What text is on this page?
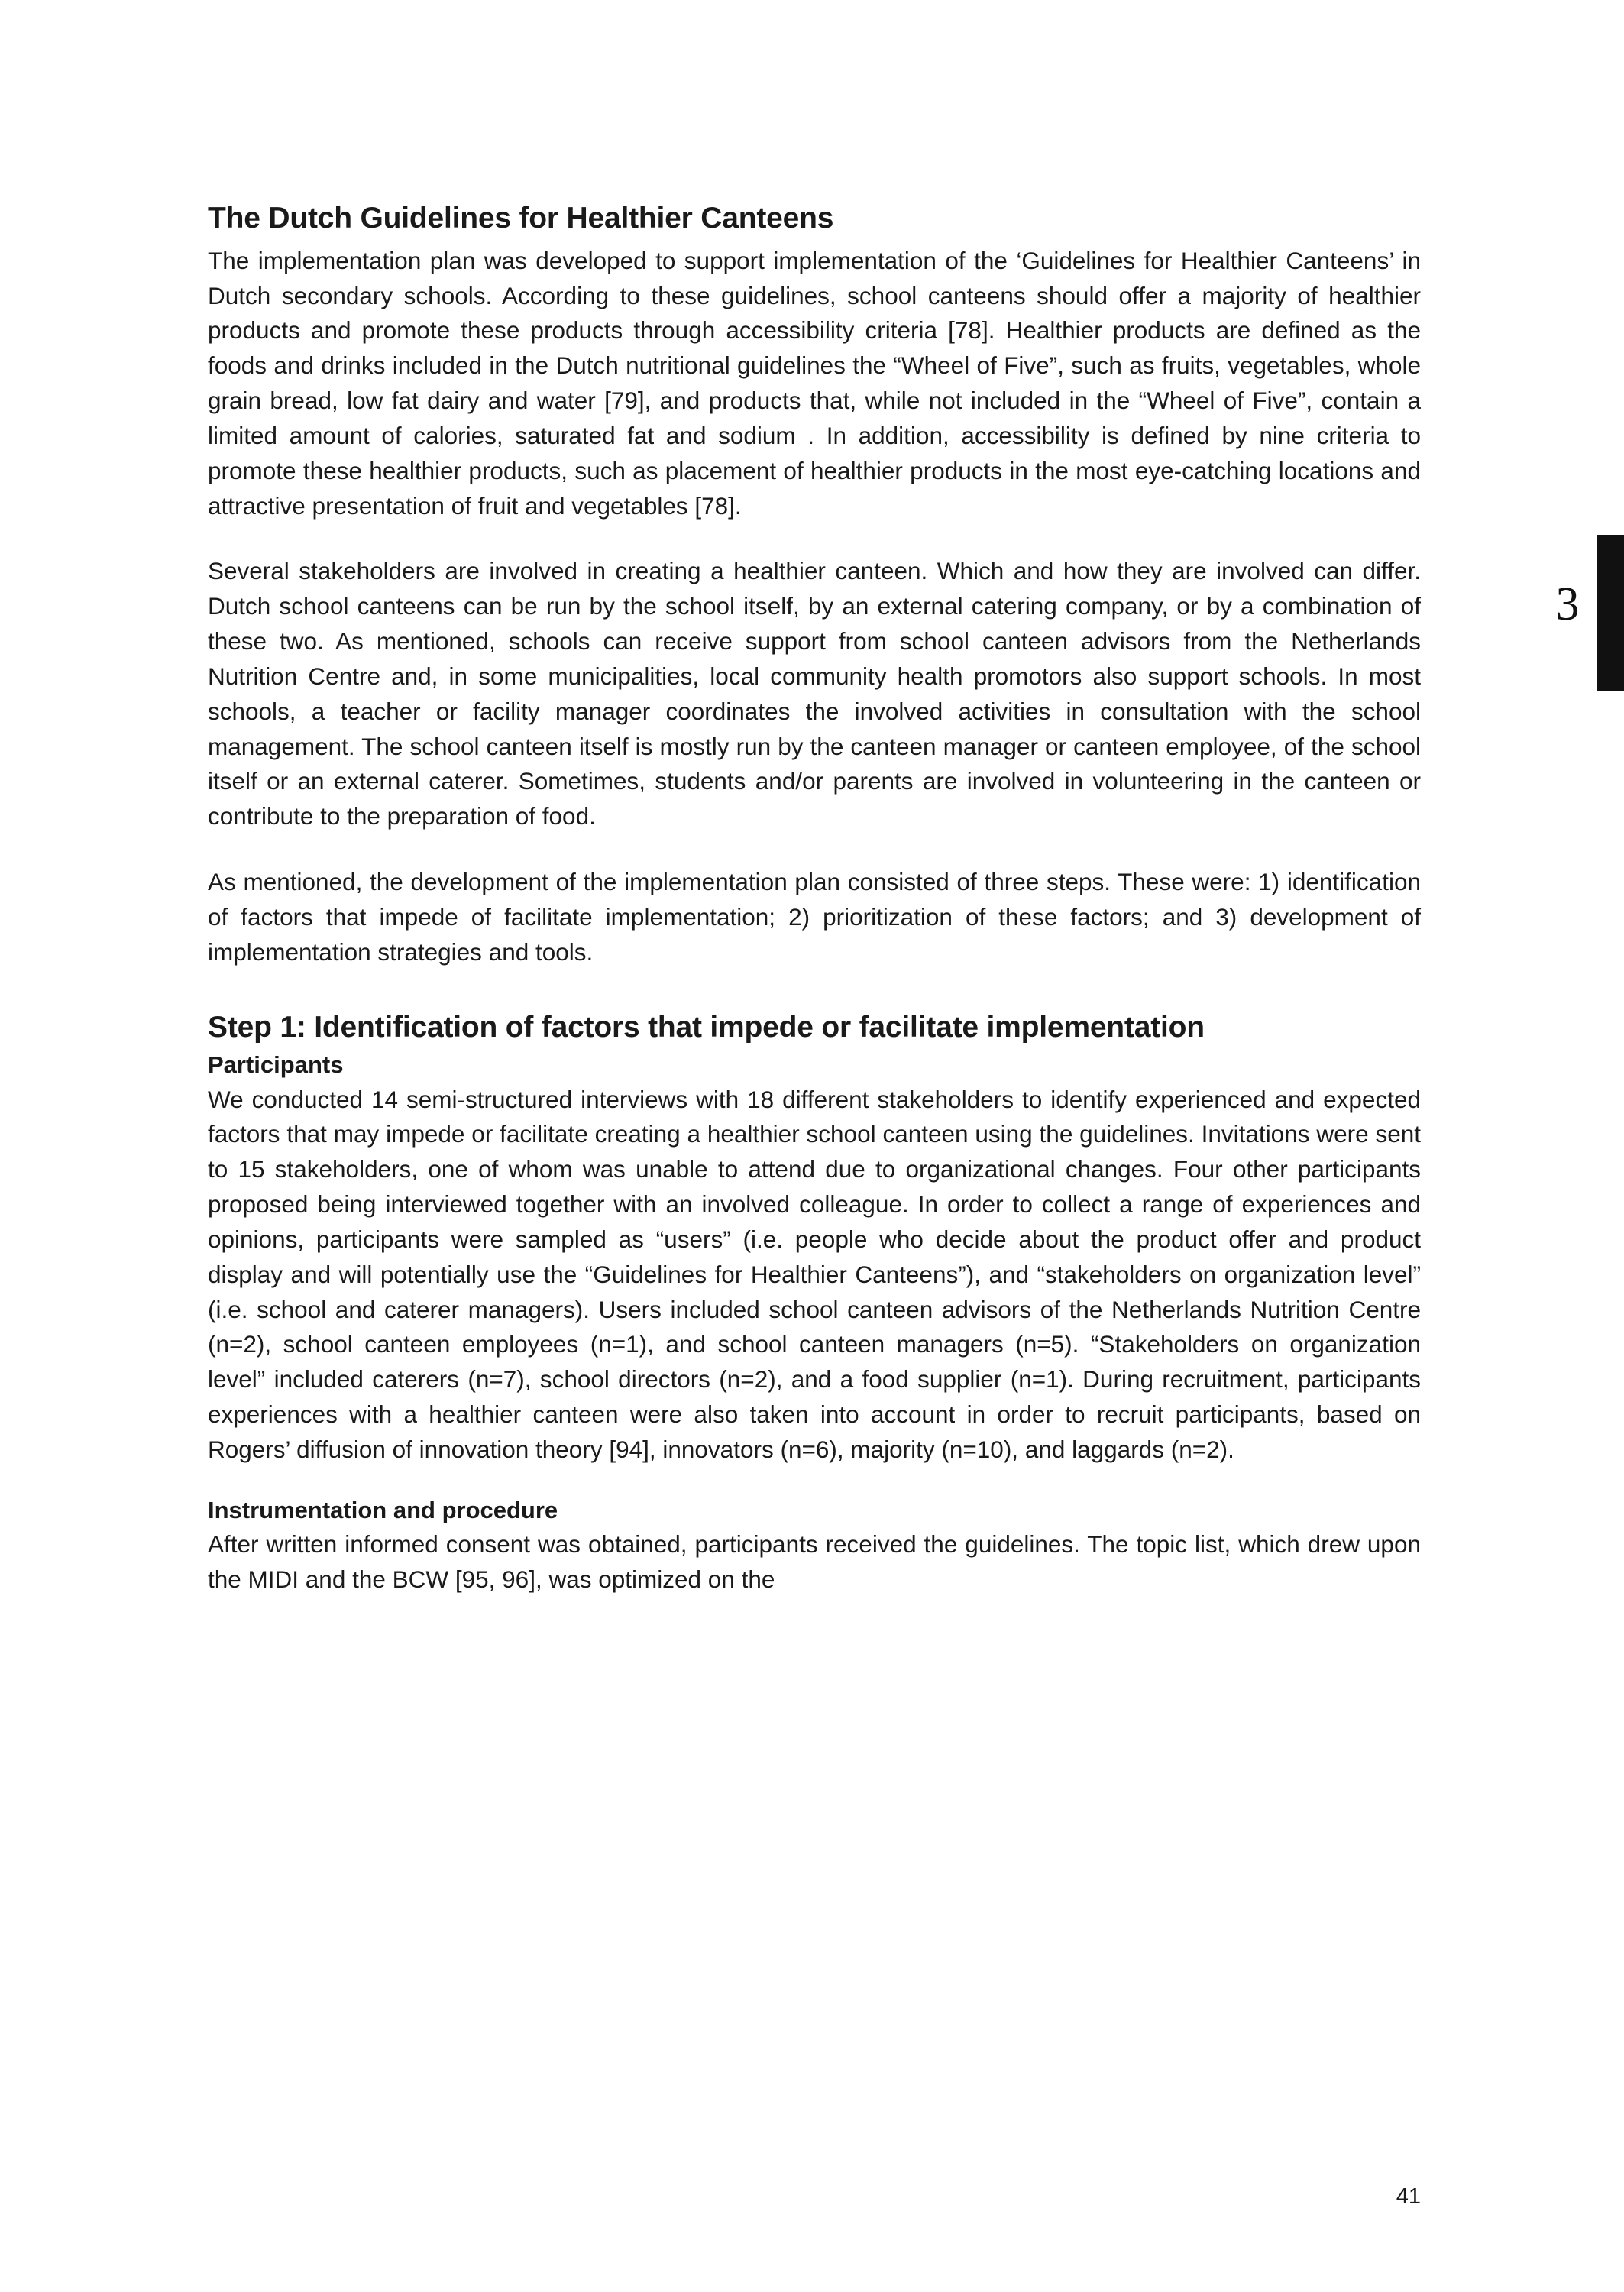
The Dutch Guidelines for Healthier Canteens

The implementation plan was developed to support implementation of the ‘Guidelines for Healthier Canteens’ in Dutch secondary schools. According to these guidelines, school canteens should offer a majority of healthier products and promote these products through accessibility criteria [78]. Healthier products are defined as the foods and drinks included in the Dutch nutritional guidelines the “Wheel of Five”, such as fruits, vegetables, whole grain bread, low fat dairy and water [79], and products that, while not included in the “Wheel of Five”, contain a limited amount of calories, saturated fat and sodium . In addition, accessibility is defined by nine criteria to promote these healthier products, such as placement of healthier products in the most eye-catching locations and attractive presentation of fruit and vegetables [78].

Several stakeholders are involved in creating a healthier canteen. Which and how they are involved can differ. Dutch school canteens can be run by the school itself, by an external catering company, or by a combination of these two. As mentioned, schools can receive support from school canteen advisors from the Netherlands Nutrition Centre and, in some municipalities, local community health promotors also support schools. In most schools, a teacher or facility manager coordinates the involved activities in consultation with the school management. The school canteen itself is mostly run by the canteen manager or canteen employee, of the school itself or an external caterer. Sometimes, students and/or parents are involved in volunteering in the canteen or contribute to the preparation of food.

As mentioned, the development of the implementation plan consisted of three steps. These were: 1) identification of factors that impede of facilitate implementation; 2) prioritization of these factors; and 3) development of implementation strategies and tools.

Step 1: Identification of factors that impede or facilitate implementation
Participants

We conducted 14 semi-structured interviews with 18 different stakeholders to identify experienced and expected factors that may impede or facilitate creating a healthier school canteen using the guidelines. Invitations were sent to 15 stakeholders, one of whom was unable to attend due to organizational changes. Four other participants proposed being interviewed together with an involved colleague. In order to collect a range of experiences and opinions, participants were sampled as “users” (i.e. people who decide about the product offer and product display and will potentially use the “Guidelines for Healthier Canteens”), and “stakeholders on organization level” (i.e. school and caterer managers). Users included school canteen advisors of the Netherlands Nutrition Centre (n=2), school canteen employees (n=1), and school canteen managers (n=5). “Stakeholders on organization level” included caterers (n=7), school directors (n=2), and a food supplier (n=1). During recruitment, participants experiences with a healthier canteen were also taken into account in order to recruit participants, based on Rogers’ diffusion of innovation theory [94], innovators (n=6), majority (n=10), and laggards (n=2).

Instrumentation and procedure

After written informed consent was obtained, participants received the guidelines. The topic list, which drew upon the MIDI and the BCW [95, 96], was optimized on the

3
41
